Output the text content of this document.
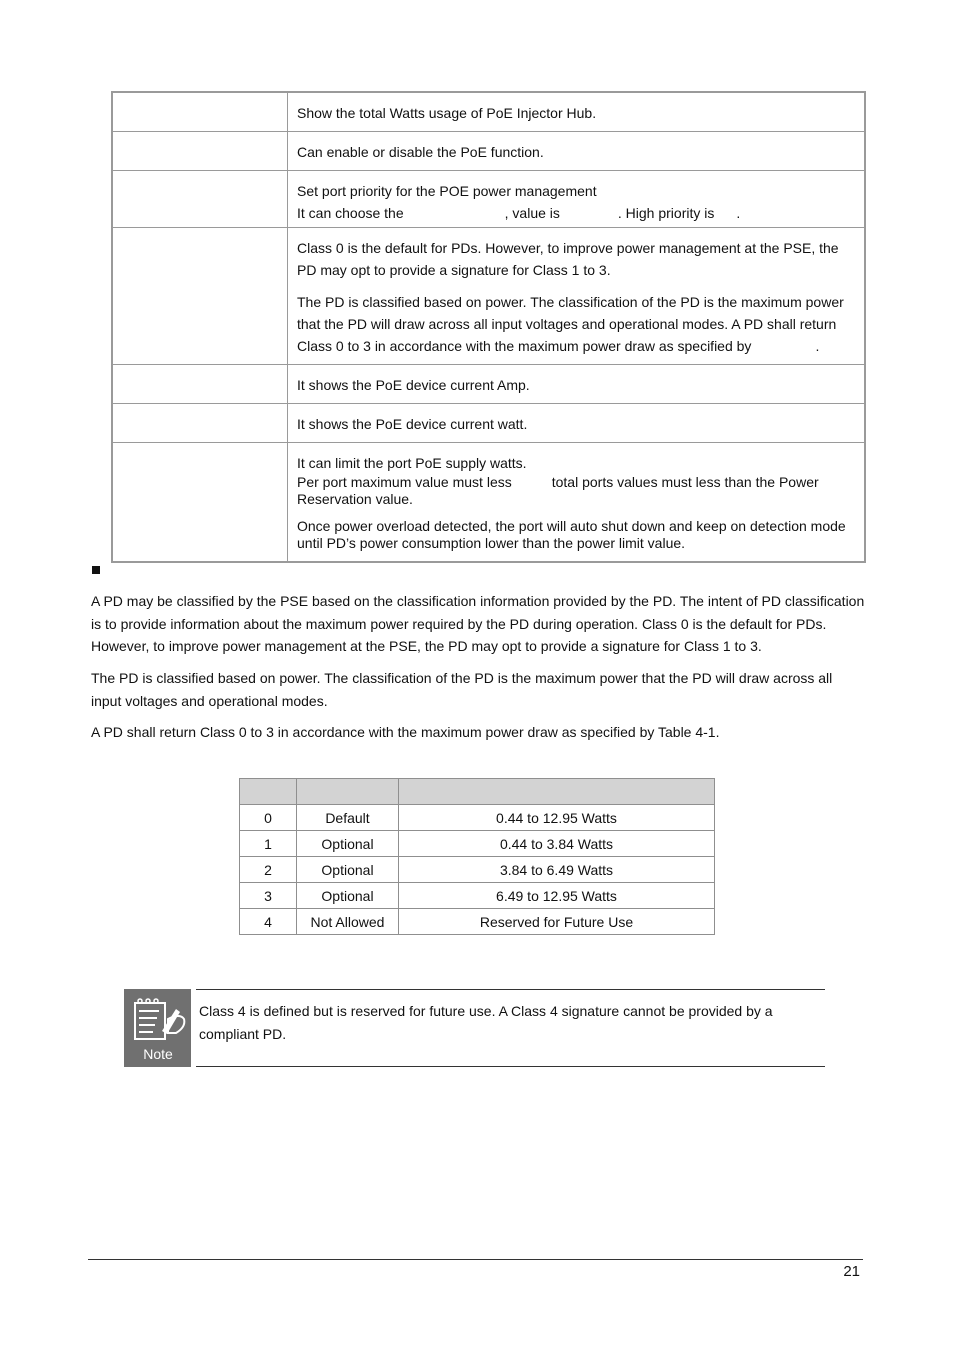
	Show the total Watts usage of PoE Injector Hub.

	Can enable or disable the PoE function.

	Set port priority for the POE power management

It can choose the , value is . High priority is .

	Class 0 is the default for PDs. However, to improve power management at the PSE, the PD may opt to provide a signature for Class 1 to 3.

The PD is classified based on power. The classification of the PD is the maximum power that the PD will draw across all input voltages and operational modes. A PD shall return Class 0 to 3 in accordance with the maximum power draw as specified by .

	It shows the PoE device current Amp.

	It shows the PoE device current watt.

	It can limit the port PoE supply watts.

Per port maximum value must less total ports values must less than the Power Reservation value.

Once power overload detected, the port will auto shut down and keep on detection mode until PD’s power consumption lower than the power limit value.

A PD may be classified by the PSE based on the classification information provided by the PD. The intent of PD classification is to provide information about the maximum power required by the PD during operation. Class 0 is the default for PDs. However, to improve power management at the PSE, the PD may opt to provide a signature for Class 1 to 3.

The PD is classified based on power. The classification of the PD is the maximum power that the PD will draw across all input voltages and operational modes.

A PD shall return Class 0 to 3 in accordance with the maximum power draw as specified by Table 4-1.

0	Default	0.44 to 12.95 Watts
1	Optional	0.44 to 3.84 Watts
2	Optional	3.84 to 6.49 Watts
3	Optional	6.49 to 12.95 Watts
4	Not Allowed	Reserved for Future Use
Note

Class 4 is defined but is reserved for future use. A Class 4 signature cannot be provided by a compliant PD.

21
